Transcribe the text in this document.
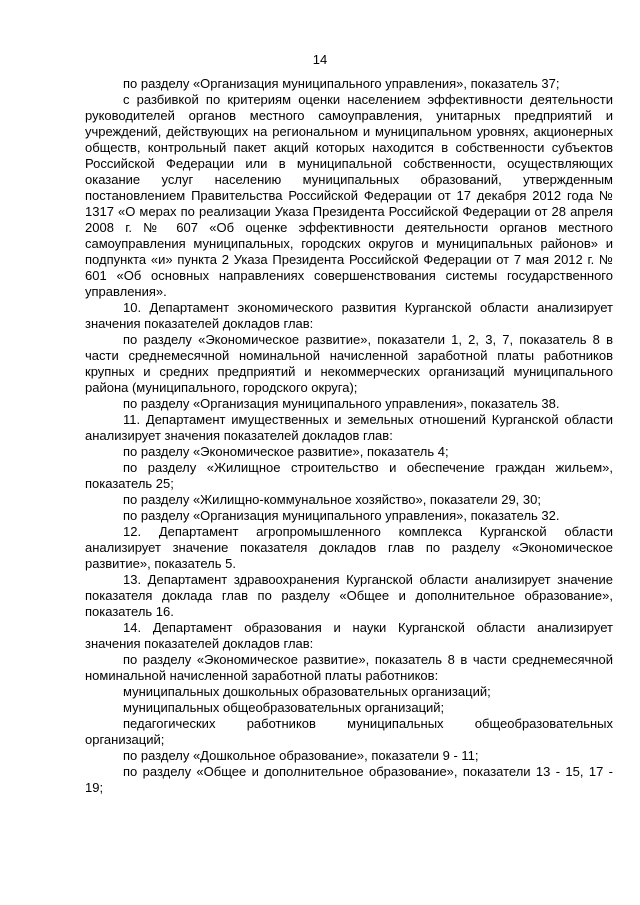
14

по разделу «Организация муниципального управления», показатель 37;

с разбивкой по критериям оценки населением эффективности деятельности руководителей органов местного самоуправления, унитарных предприятий и учреждений, действующих на региональном и муниципальном уровнях, акционерных обществ, контрольный пакет акций которых находится в собственности субъектов Российской Федерации или в муниципальной собственности, осуществляющих оказание услуг населению муниципальных образований, утвержденным постановлением Правительства Российской Федерации от 17 декабря 2012 года № 1317 «О мерах по реализации Указа Президента Российской Федерации от 28 апреля 2008 г. № 607 «Об оценке эффективности деятельности органов местного самоуправления муниципальных, городских округов и муниципальных районов» и подпункта «и» пункта 2 Указа Президента Российской Федерации от 7 мая 2012 г. № 601 «Об основных направлениях совершенствования системы государственного управления».

10. Департамент экономического развития Курганской области анализирует значения показателей докладов глав:

по разделу «Экономическое развитие», показатели 1, 2, 3, 7, показатель 8 в части среднемесячной номинальной начисленной заработной платы работников крупных и средних предприятий и некоммерческих организаций муниципального района (муниципального, городского округа);

по разделу «Организация муниципального управления», показатель 38.

11. Департамент имущественных и земельных отношений Курганской области анализирует значения показателей докладов глав:

по разделу «Экономическое развитие», показатель 4;

по разделу «Жилищное строительство и обеспечение граждан жильем», показатель 25;

по разделу «Жилищно-коммунальное хозяйство», показатели 29, 30;

по разделу «Организация муниципального управления», показатель 32.

12. Департамент агропромышленного комплекса Курганской области анализирует значение показателя докладов глав по разделу «Экономическое развитие», показатель 5.

13. Департамент здравоохранения Курганской области анализирует значение показателя доклада глав по разделу «Общее и дополнительное образование», показатель 16.

14. Департамент образования и науки Курганской области анализирует значения показателей докладов глав:

по разделу «Экономическое развитие», показатель 8 в части среднемесячной номинальной начисленной заработной платы работников:

муниципальных дошкольных образовательных организаций;

муниципальных общеобразовательных организаций;

педагогических работников муниципальных общеобразовательных организаций;

по разделу «Дошкольное образование», показатели 9 - 11;

по разделу «Общее и дополнительное образование», показатели 13 - 15, 17 - 19;
